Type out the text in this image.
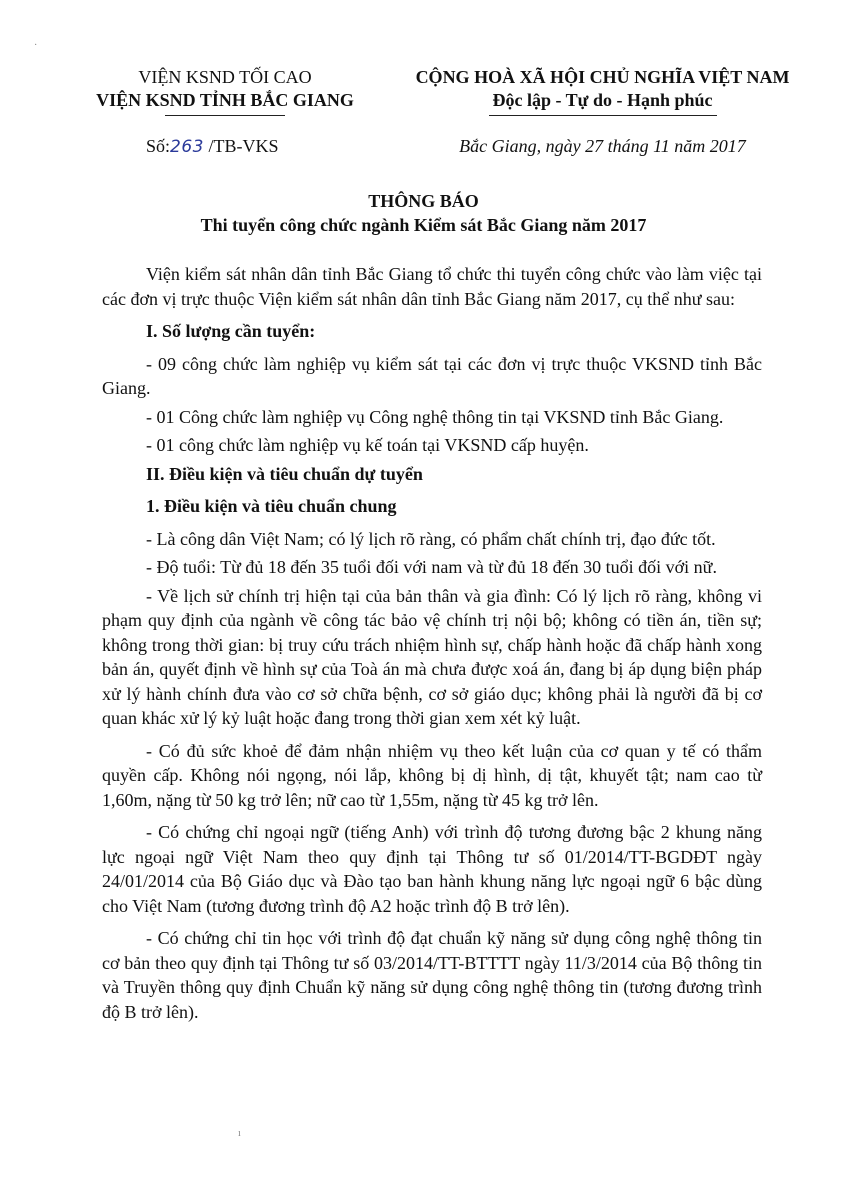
VIỆN KSND TỐI CAO
VIỆN KSND TỈNH BẮC GIANG
CỘNG HOÀ XÃ HỘI CHỦ NGHĨA VIỆT NAM
Độc lập - Tự do - Hạnh phúc
Số:263 /TB-VKS	Bắc Giang, ngày 27 tháng 11 năm 2017
THÔNG BÁO
Thi tuyển công chức ngành Kiểm sát Bắc Giang năm 2017

Viện kiểm sát nhân dân tỉnh Bắc Giang tổ chức thi tuyển công chức vào làm việc tại các đơn vị trực thuộc Viện kiểm sát nhân dân tỉnh Bắc Giang năm 2017, cụ thể như sau:

I. Số lượng cần tuyển:

- 09 công chức làm nghiệp vụ kiểm sát tại các đơn vị trực thuộc VKSND tỉnh Bắc Giang.

- 01 Công chức làm nghiệp vụ Công nghệ thông tin tại VKSND tỉnh Bắc Giang.

- 01 công chức làm nghiệp vụ kế toán tại VKSND cấp huyện.

II. Điều kiện và tiêu chuẩn dự tuyển
1. Điều kiện và tiêu chuẩn chung

- Là công dân Việt Nam; có lý lịch rõ ràng, có phẩm chất chính trị, đạo đức tốt.

- Độ tuổi: Từ đủ 18 đến 35 tuổi đối với nam và từ đủ 18 đến 30 tuổi đối với nữ.

- Về lịch sử chính trị hiện tại của bản thân và gia đình: Có lý lịch rõ ràng, không vi phạm quy định của ngành về công tác bảo vệ chính trị nội bộ; không có tiền án, tiền sự; không trong thời gian: bị truy cứu trách nhiệm hình sự, chấp hành hoặc đã chấp hành xong bản án, quyết định về hình sự của Toà án mà chưa được xoá án, đang bị áp dụng biện pháp xử lý hành chính đưa vào cơ sở chữa bệnh, cơ sở giáo dục; không phải là người đã bị cơ quan khác xử lý kỷ luật hoặc đang trong thời gian xem xét kỷ luật.

- Có đủ sức khoẻ để đảm nhận nhiệm vụ theo kết luận của cơ quan y tế có thẩm quyền cấp. Không nói ngọng, nói lắp, không bị dị hình, dị tật, khuyết tật; nam cao từ 1,60m, nặng từ 50 kg trở lên; nữ cao từ 1,55m, nặng từ 45 kg trở lên.

- Có chứng chỉ ngoại ngữ (tiếng Anh) với trình độ tương đương bậc 2 khung năng lực ngoại ngữ Việt Nam theo quy định tại Thông tư số 01/2014/TT-BGDĐT ngày 24/01/2014 của Bộ Giáo dục và Đào tạo ban hành khung năng lực ngoại ngữ 6 bậc dùng cho Việt Nam (tương đương trình độ A2 hoặc trình độ B trở lên).

- Có chứng chỉ tin học với trình độ đạt chuẩn kỹ năng sử dụng công nghệ thông tin cơ bản theo quy định tại Thông tư số 03/2014/TT-BTTTT ngày 11/3/2014 của Bộ thông tin và Truyền thông quy định Chuẩn kỹ năng sử dụng công nghệ thông tin (tương đương trình độ B trở lên).

·
ı
